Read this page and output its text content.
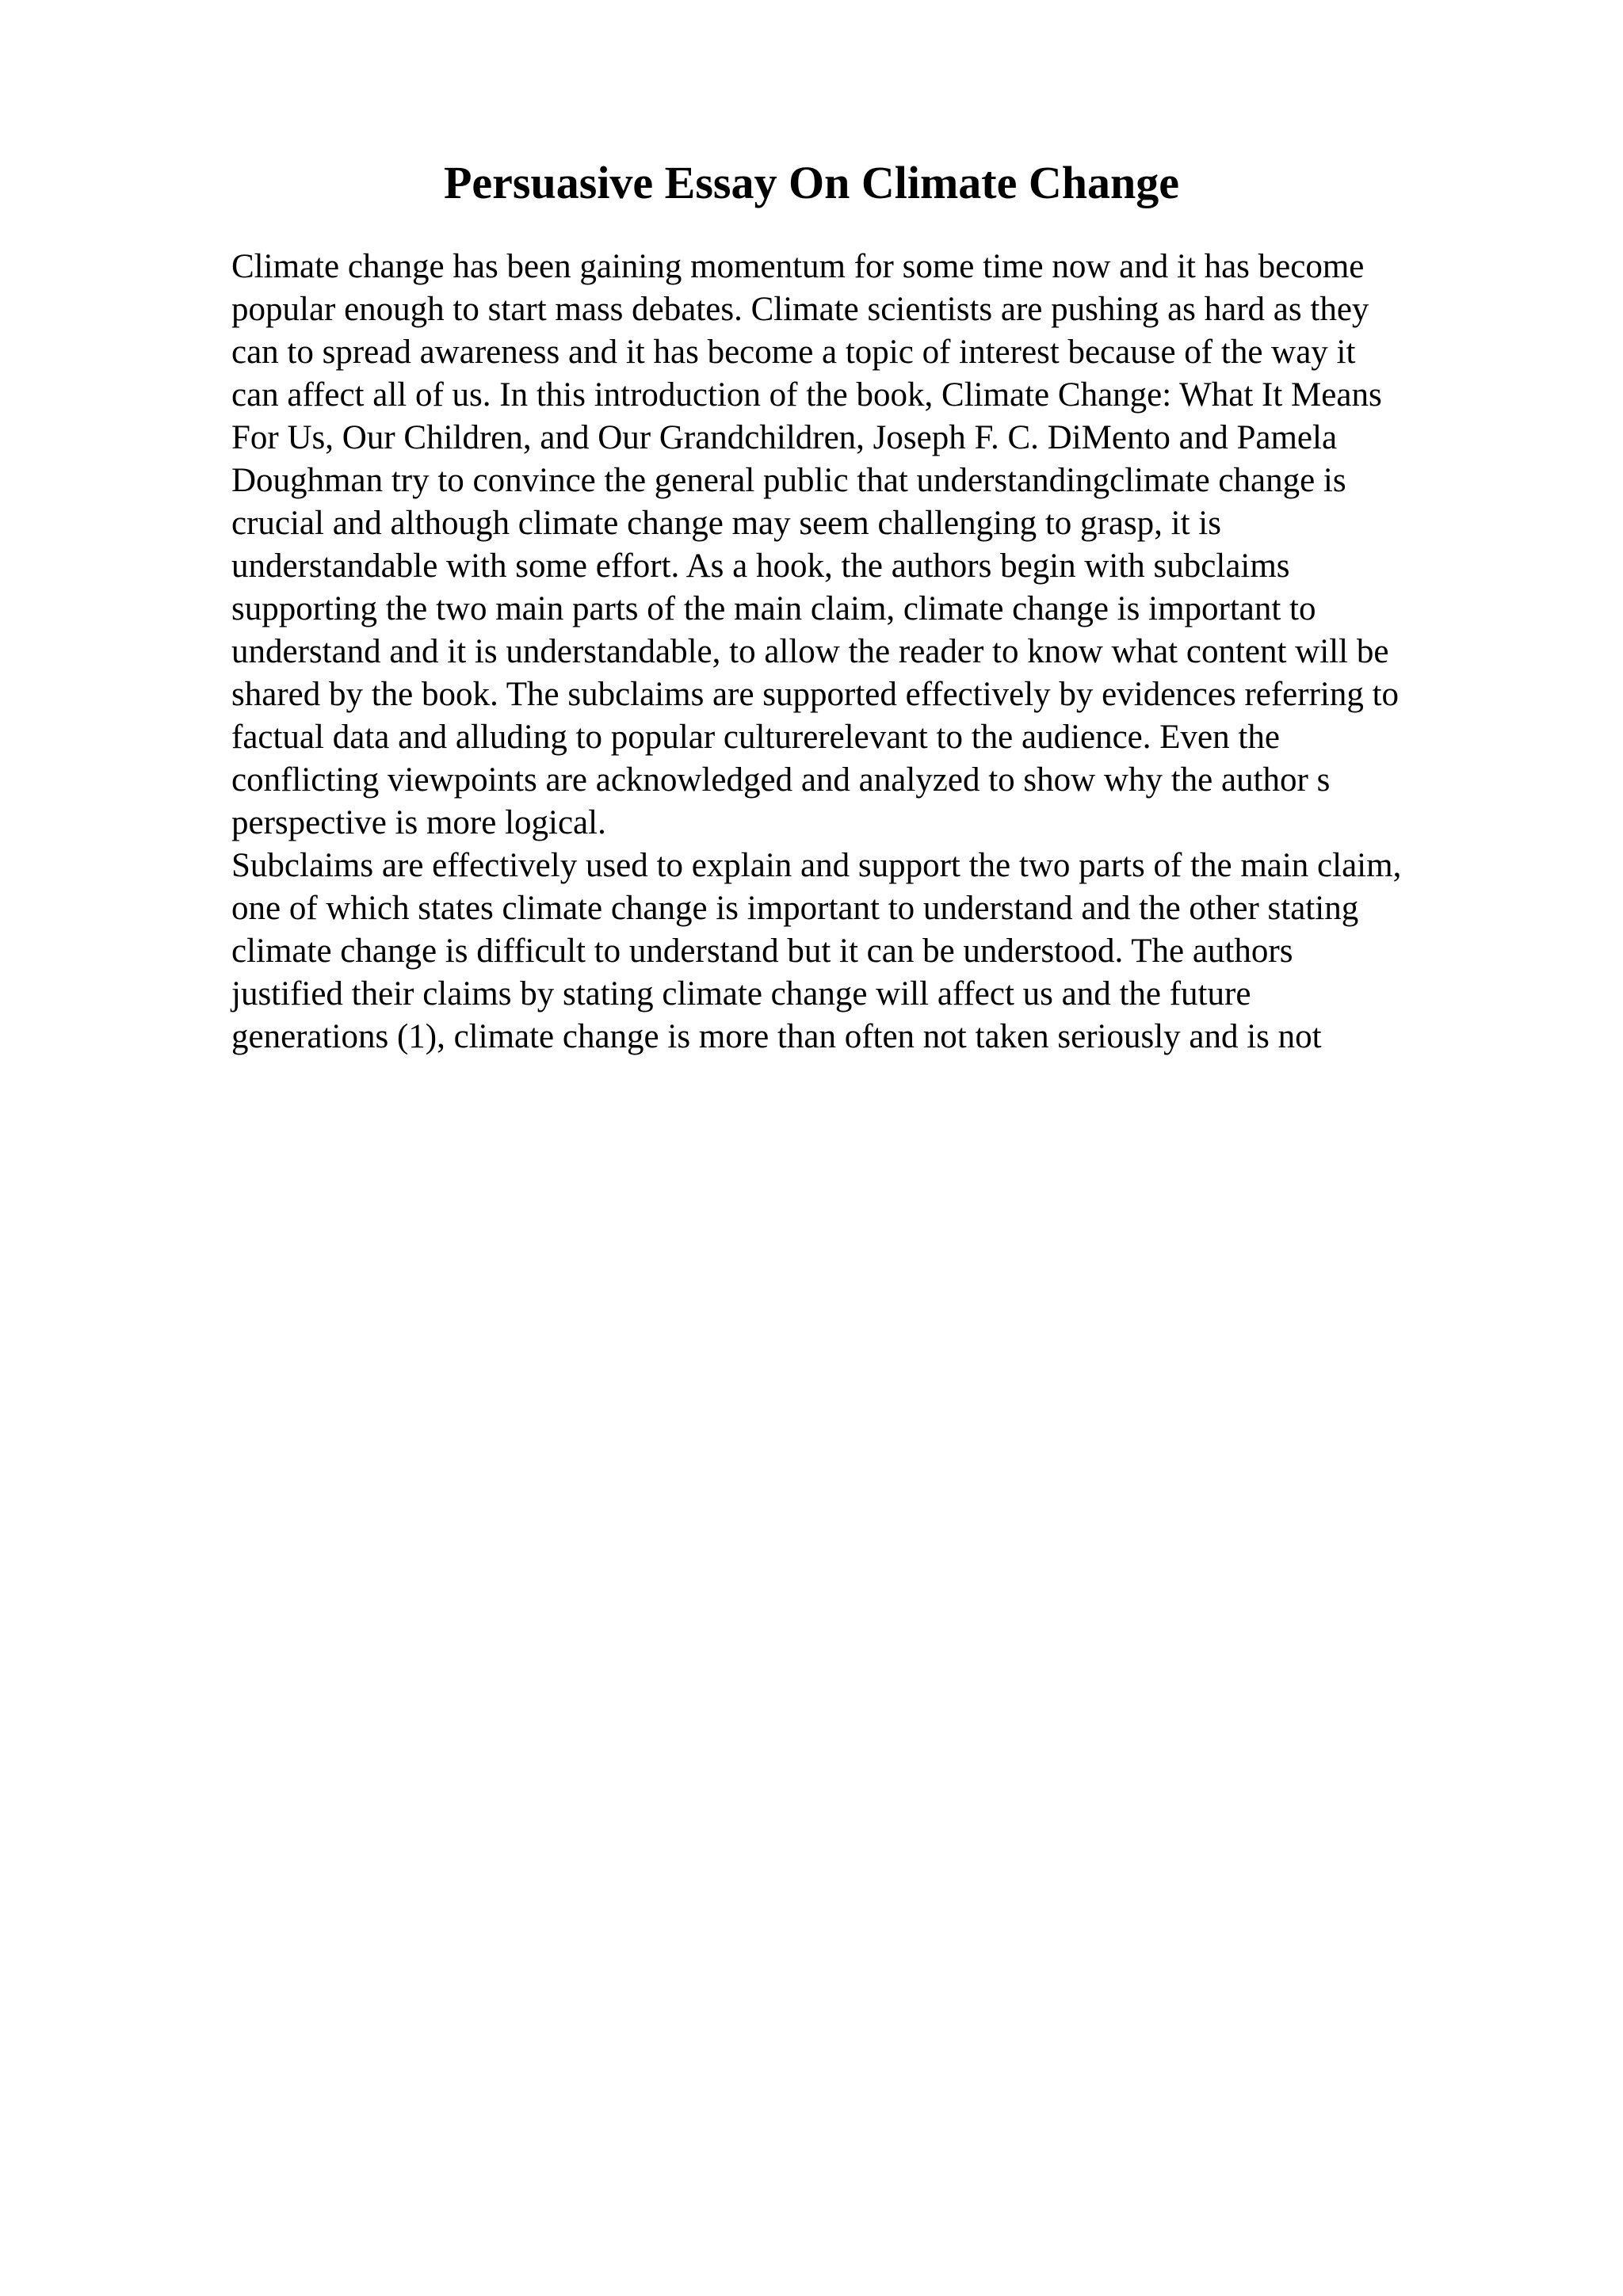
Persuasive Essay On Climate Change
Climate change has been gaining momentum for some time now and it has become
popular enough to start mass debates. Climate scientists are pushing as hard as they
can to spread awareness and it has become a topic of interest because of the way it
can affect all of us. In this introduction of the book, Climate Change: What It Means
For Us, Our Children, and Our Grandchildren, Joseph F. C. DiMento and Pamela
Doughman try to convince the general public that understandingclimate change is
crucial and although climate change may seem challenging to grasp, it is
understandable with some effort. As a hook, the authors begin with subclaims
supporting the two main parts of the main claim, climate change is important to
understand and it is understandable, to allow the reader to know what content will be
shared by the book. The subclaims are supported effectively by evidences referring to
factual data and alluding to popular culturerelevant to the audience. Even the
conflicting viewpoints are acknowledged and analyzed to show why the author s
perspective is more logical.
Subclaims are effectively used to explain and support the two parts of the main claim,
one of which states climate change is important to understand and the other stating
climate change is difficult to understand but it can be understood. The authors
justified their claims by stating climate change will affect us and the future
generations (1), climate change is more than often not taken seriously and is not
